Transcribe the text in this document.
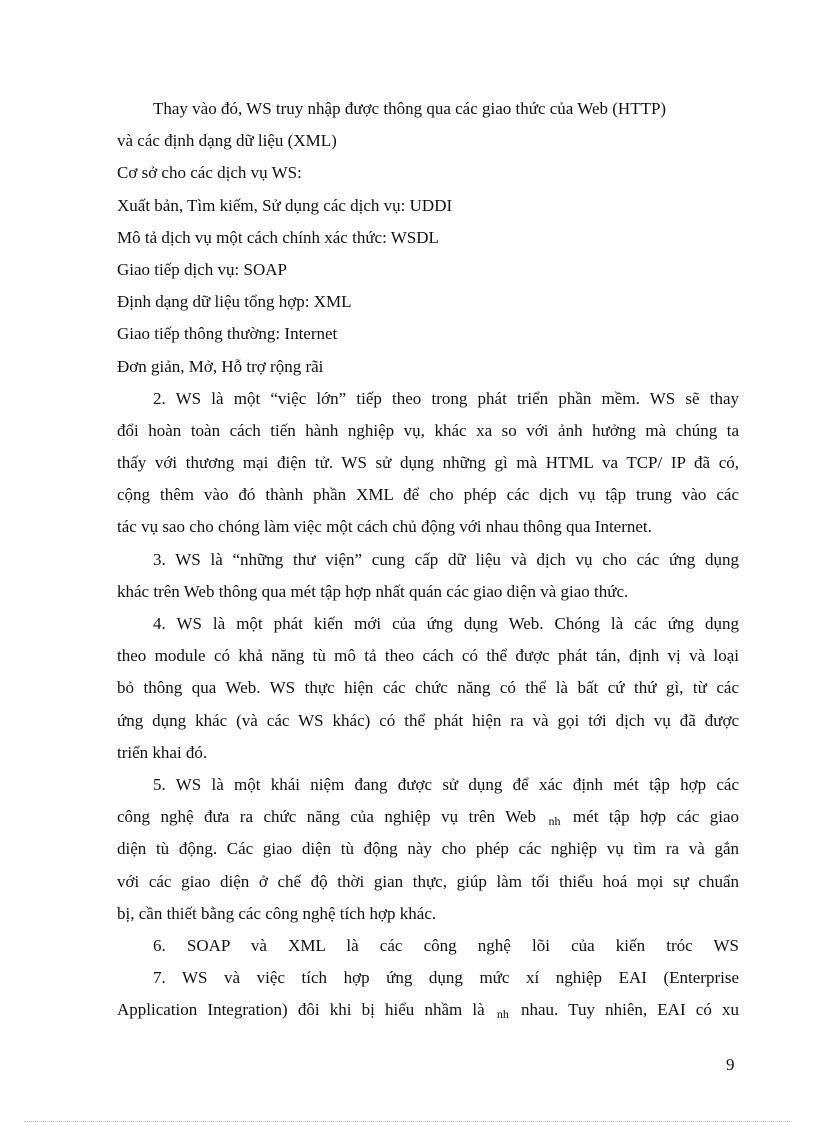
Thay vào đó, WS truy nhập được thông qua các giao thức của Web (HTTP)
và các định dạng dữ liệu (XML)
Cơ sở cho các dịch vụ WS:
Xuất bản, Tìm kiếm, Sử dụng các dịch vụ: UDDI
Mô tả dịch vụ một cách chính xác thức: WSDL
Giao tiếp dịch vụ: SOAP
Định dạng dữ liệu tổng hợp: XML
Giao tiếp thông thường: Internet
Đơn giản, Mở, Hỗ trợ rộng rãi
2. WS là một “việc lớn” tiếp theo trong phát triển phần mềm. WS sẽ thay
đổi hoàn toàn cách tiến hành nghiệp vụ, khác xa so với ảnh hưởng mà chúng ta
thấy với thương mại điện tử. WS sử dụng những gì mà HTML va TCP/ IP đã có,
cộng thêm vào đó thành phần XML để cho phép các dịch vụ tập trung vào các
tác vụ sao cho chóng làm việc một cách chủ động với nhau thông qua Internet.
3. WS là “những thư viện” cung cấp dữ liệu và dịch vụ cho các ứng dụng
khác trên Web thông qua mét tập hợp nhất quán các giao diện và giao thức.
4. WS là một phát kiến mới của ứng dụng Web. Chóng là các ứng dụng
theo module có khả năng tù mô tả theo cách có thể được phát tán, định vị và loại
bỏ thông qua Web. WS thực hiện các chức năng có thể là bất cứ thứ gì, từ các
ứng dụng khác (và các WS khác) có thể phát hiện ra và gọi tới dịch vụ đã được
triển khai đó.
5. WS là một khái niệm đang được sử dụng để xác định mét tập hợp các
công nghệ đưa ra chức năng của nghiệp vụ trên Web nh mét tập hợp các giao
diện tù động. Các giao diện tù động này cho phép các nghiệp vụ tìm ra và gắn
với các giao diện ở chế độ thời gian thực, giúp làm tối thiểu hoá mọi sự chuẩn
bị, cần thiết bằng các công nghệ tích hợp khác.
6. SOAP và XML là các công nghệ lõi của kiến tróc WS
7. WS và việc tích hợp ứng dụng mức xí nghiệp EAI (Enterprise
Application Integration) đôi khi bị hiểu nhầm là nh nhau. Tuy nhiên, EAI có xu
9
